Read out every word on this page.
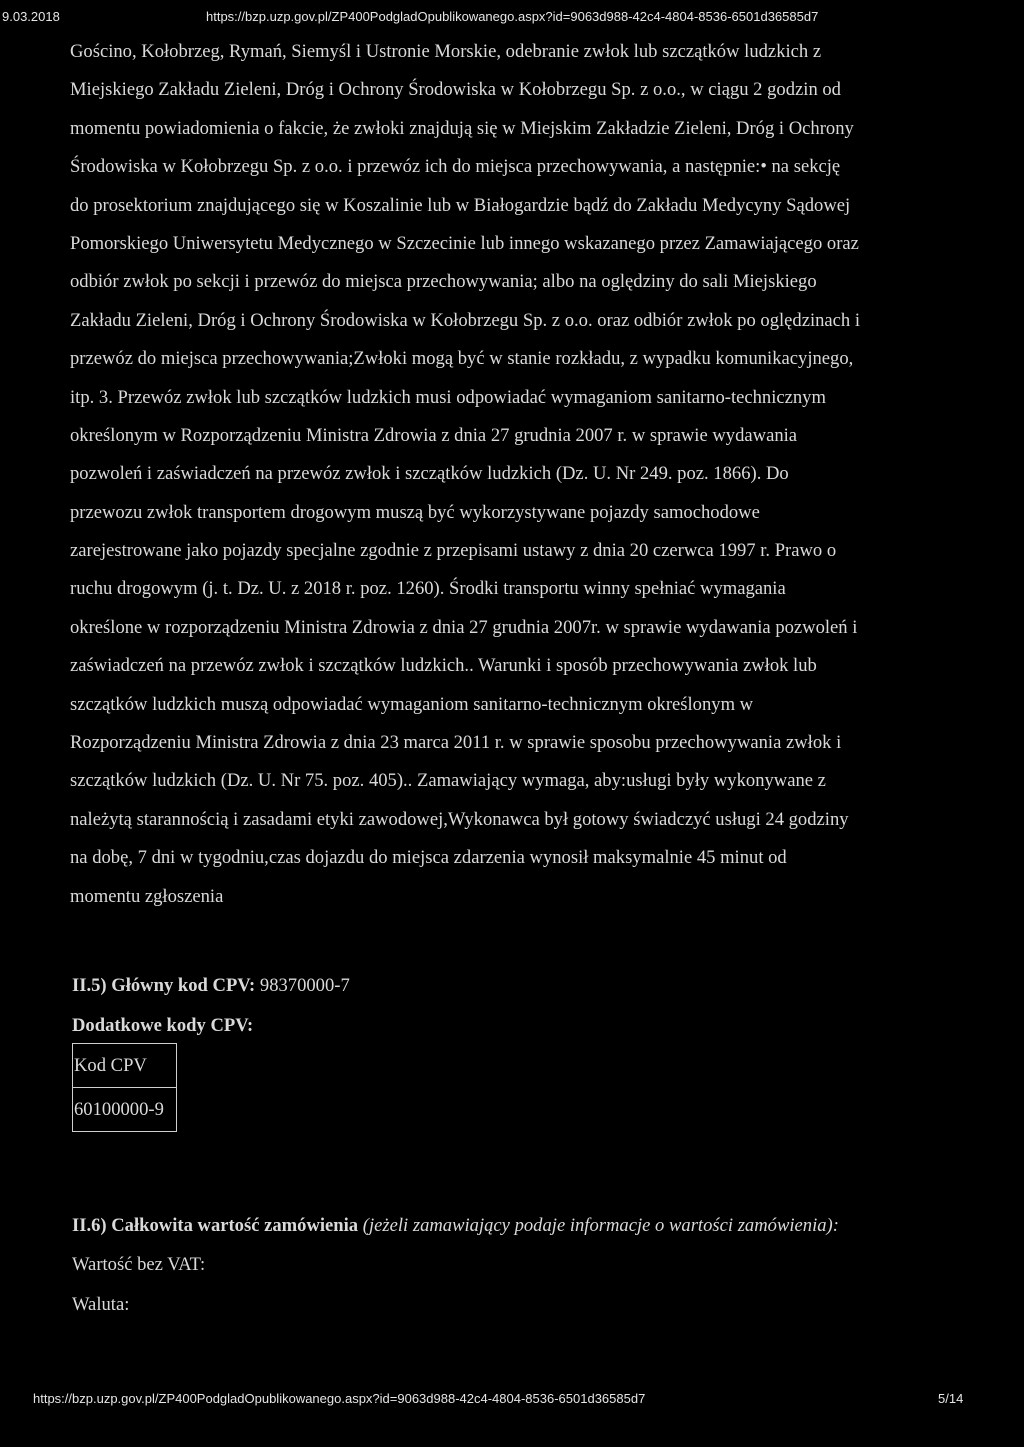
9.03.2018	https://bzp.uzp.gov.pl/ZP400PodgladOpublikowanego.aspx?id=9063d988-42c4-4804-8536-6501d36585d7
Gościno, Kołobrzeg, Rymań, Siemyśl i Ustronie Morskie, odebranie zwłok lub szczątków ludzkich z
Miejskiego Zakładu Zieleni, Dróg i Ochrony Środowiska w Kołobrzegu Sp. z o.o., w ciągu 2 godzin od
momentu powiadomienia o fakcie, że zwłoki znajdują się w Miejskim Zakładzie Zieleni, Dróg i Ochrony
Środowiska w Kołobrzegu Sp. z o.o. i przewóz ich do miejsca przechowywania, a następnie:• na sekcję
do prosektorium znajdującego się w Koszalinie lub w Białogardzie bądź do Zakładu Medycyny Sądowej
Pomorskiego Uniwersytetu Medycznego w Szczecinie lub innego wskazanego przez Zamawiającego oraz
odbiór zwłok po sekcji i przewóz do miejsca przechowywania; albo na oględziny do sali Miejskiego
Zakładu Zieleni, Dróg i Ochrony Środowiska w Kołobrzegu Sp. z o.o. oraz odbiór zwłok po oględzinach i
przewóz do miejsca przechowywania;Zwłoki mogą być w stanie rozkładu, z wypadku komunikacyjnego,
itp. 3. Przewóz zwłok lub szczątków ludzkich musi odpowiadać wymaganiom sanitarno-technicznym
określonym w Rozporządzeniu Ministra Zdrowia z dnia 27 grudnia 2007 r. w sprawie wydawania
pozwoleń i zaświadczeń na przewóz zwłok i szczątków ludzkich (Dz. U. Nr 249. poz. 1866). Do
przewozu zwłok transportem drogowym muszą być wykorzystywane pojazdy samochodowe
zarejestrowane jako pojazdy specjalne zgodnie z przepisami ustawy z dnia 20 czerwca 1997 r. Prawo o
ruchu drogowym (j. t. Dz. U. z 2018 r. poz. 1260). Środki transportu winny spełniać wymagania
określone w rozporządzeniu Ministra Zdrowia z dnia 27 grudnia 2007r. w sprawie wydawania pozwoleń i
zaświadczeń na przewóz zwłok i szczątków ludzkich.. Warunki i sposób przechowywania zwłok lub
szczątków ludzkich muszą odpowiadać wymaganiom sanitarno-technicznym określonym w
Rozporządzeniu Ministra Zdrowia z dnia 23 marca 2011 r. w sprawie sposobu przechowywania zwłok i
szczątków ludzkich (Dz. U. Nr 75. poz. 405).. Zamawiający wymaga, aby:usługi były wykonywane z
należytą starannością i zasadami etyki zawodowej,Wykonawca był gotowy świadczyć usługi 24 godziny
na dobę, 7 dni w tygodniu,czas dojazdu do miejsca zdarzenia wynosił maksymalnie 45 minut od
momentu zgłoszenia
II.5) Główny kod CPV: 98370000-7
Dodatkowe kody CPV:
Kod CPV
60100000-9
II.6) Całkowita wartość zamówienia (jeżeli zamawiający podaje informacje o wartości zamówienia):
Wartość bez VAT:
Waluta:
https://bzp.uzp.gov.pl/ZP400PodgladOpublikowanego.aspx?id=9063d988-42c4-4804-8536-6501d36585d7	5/14
